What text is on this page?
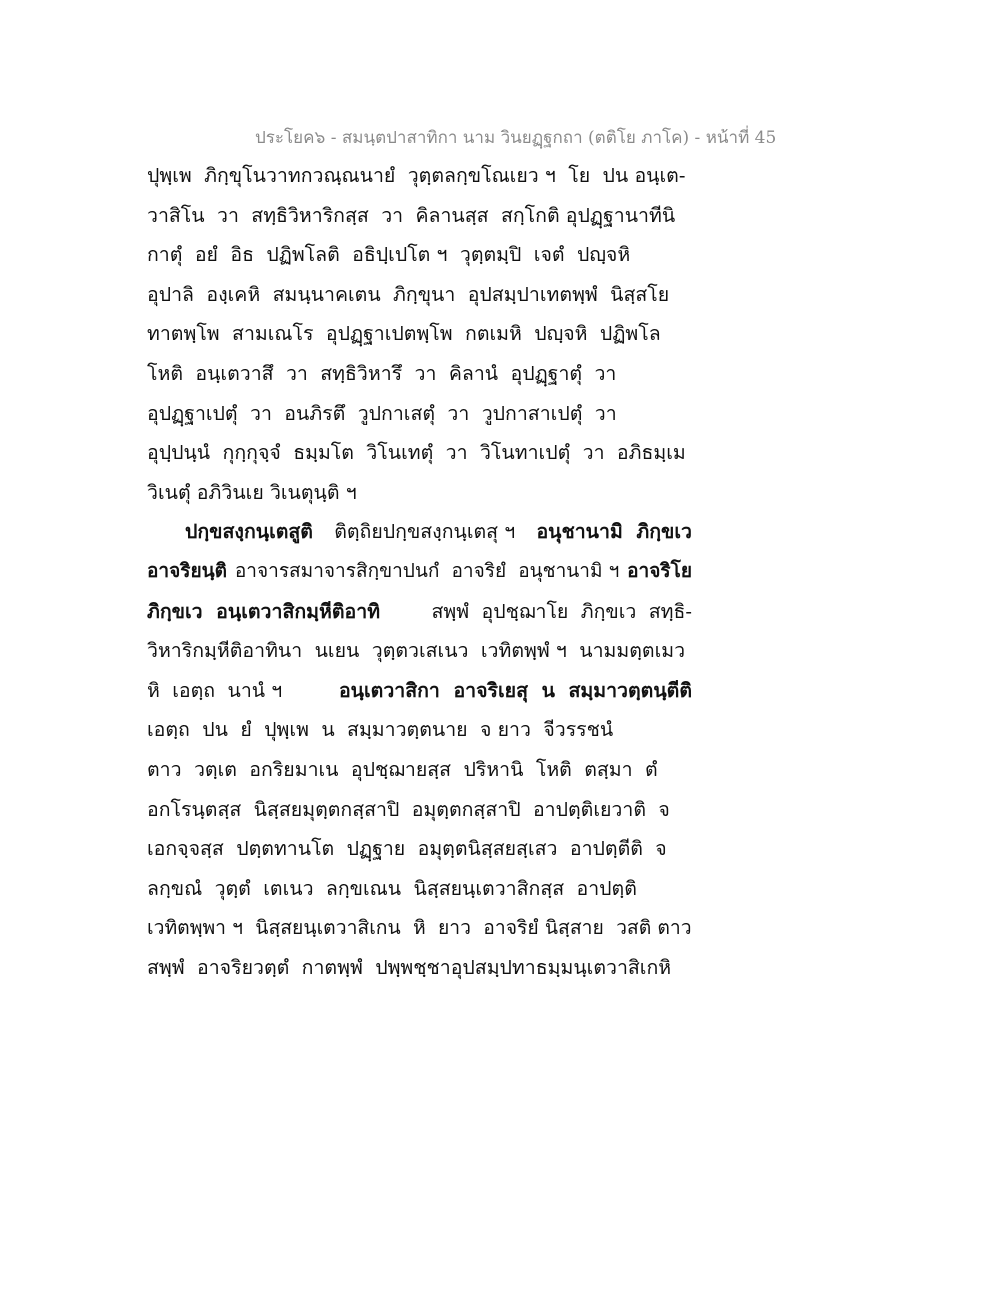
ประโยค๖ - สมนฺตปาสาทิกา นาม วินยฏฺฐกถา (ตติโย ภาโค) - หน้าที่ 45
ปุพฺเพ  ภิกฺขุโนวาทกวณฺณนายํ  วุตฺตลกฺขโณเยว ฯ  โย  ปน อนฺเต-
วาสิโน  วา  สทฺธิวิหาริกสฺส  วา  คิลานสฺส  สกฺโกติ อุปฏฺฐานาทีนิ
กาตุํ  อยํ  อิธ  ปฏิพโลติ  อธิปฺเปโต ฯ  วุตฺตมฺปิ  เจตํ  ปญฺจหิ
อุปาลิ  องฺเคหิ  สมนฺนาคเตน  ภิกฺขุนา  อุปสมฺปาเทตพฺพํ  นิสฺสโย
ทาตพฺโพ  สามเณโร  อุปฏฺฐาเปตพฺโพ  กตเมหิ  ปญฺจหิ  ปฏิพโล
โหติ  อนฺเตวาสึ  วา  สทฺธิวิหารึ  วา  คิลานํ  อุปฏฺฐาตุํ  วา
อุปฏฺฐาเปตุํ  วา  อนภิรตึ  วูปกาเสตุํ  วา  วูปกาสาเปตุํ  วา
อุปฺปนฺนํ  กุกฺกุจฺจํ  ธมฺมโต  วิโนเทตุํ  วา  วิโนทาเปตุํ  วา  อภิธมฺเม
วิเนตุํ อภิวินเย วิเนตุนฺติ ฯ
ปกฺขสงฺกนฺเตสูติ ติตฺถิยปกฺขสงฺกนฺเตสุ ฯ อนุชานามิ  ภิกฺขเว
อาจริยนฺติ อาจารสมาจารสิกฺขาปนกํ  อาจริยํ  อนุชานามิ ฯ อาจริโย
ภิกฺขเว  อนฺเตวาสิกมฺหีติอาทิ	สพฺพํ  อุปชฺฌาโย  ภิกฺขเว  สทฺธิ-
วิหาริกมฺหีติอาทินา  นเยน  วุตฺตวเสเนว  เวทิตพฺพํ ฯ  นามมตฺตเมว
หิ  เอตฺถ  นานํ ฯ	อนฺเตวาสิกา  อาจริเยสุ  น  สมฺมาวตฺตนฺตีติ
เอตฺถ  ปน  ยํ  ปุพฺเพ  น  สมฺมาวตฺตนาย  จ ยาว  จีวรรชนํ
ตาว  วตฺเต  อกริยมาเน  อุปชฺฌายสฺส  ปริหานิ  โหติ  ตสฺมา  ตํ
อกโรนฺตสฺส  นิสฺสยมุตฺตกสฺสาปิ  อมุตฺตกสฺสาปิ  อาปตฺติเยวาติ  จ
เอกจฺจสฺส  ปตฺตทานโต  ปฏฺฐาย  อมุตฺตนิสฺสยสฺเสว  อาปตฺตีติ  จ
ลกฺขณํ  วุตฺตํ  เตเนว  ลกฺขเณน  นิสฺสยนฺเตวาสิกสฺส  อาปตฺติ
เวทิตพฺพา ฯ  นิสฺสยนฺเตวาสิเกน  หิ  ยาว  อาจริยํ นิสฺสาย  วสติ ตาว
สพฺพํ  อาจริยวตฺตํ  กาตพฺพํ  ปพฺพชฺชาอุปสมฺปทาธมฺมนฺเตวาสิเกหิ
